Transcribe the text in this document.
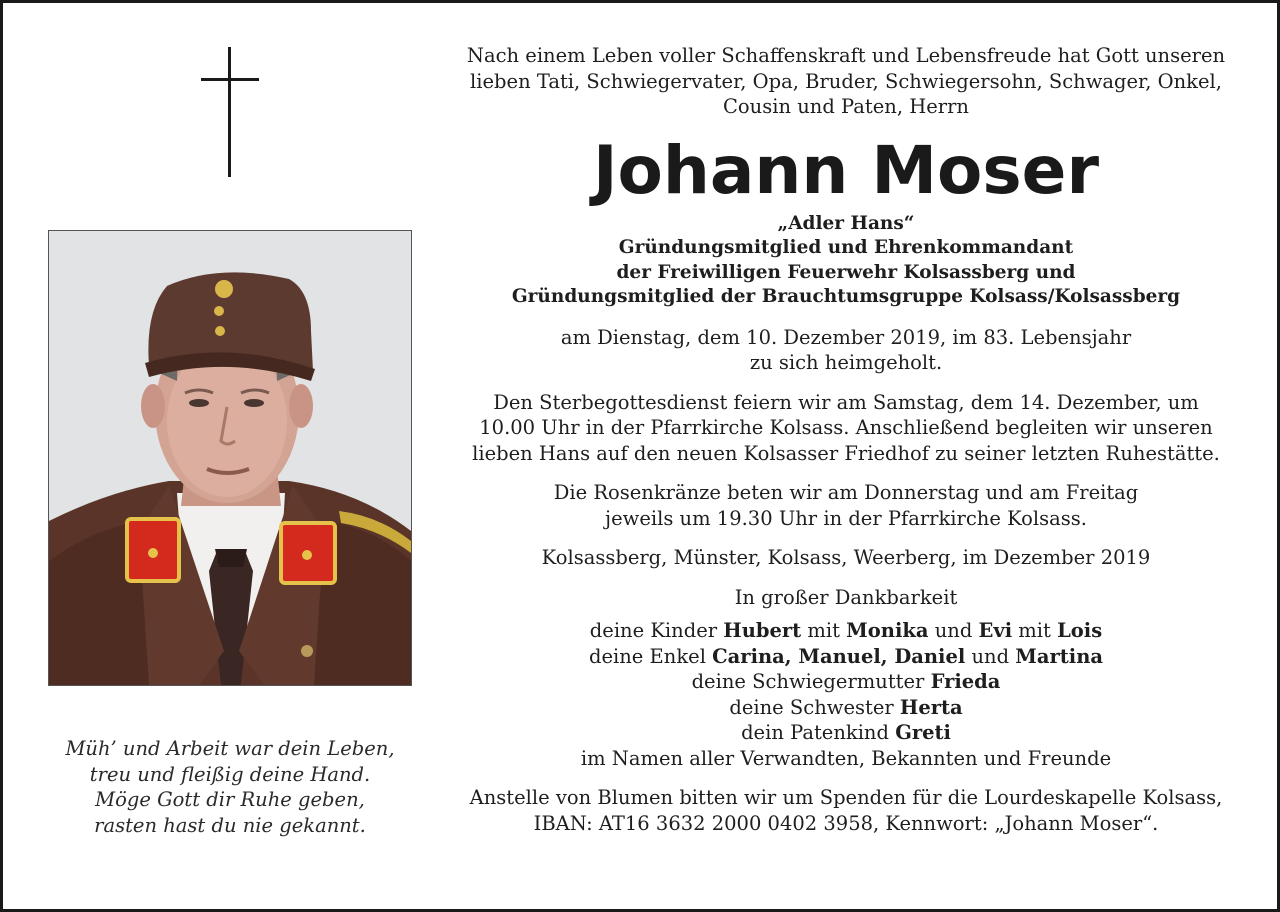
Müh’ und Arbeit war dein Leben,
treu und fleißig deine Hand.
Möge Gott dir Ruhe geben,
rasten hast du nie gekannt.
Nach einem Leben voller Schaffenskraft und Lebensfreude hat Gott unseren
lieben Tati, Schwiegervater, Opa, Bruder, Schwiegersohn, Schwager, Onkel,
Cousin und Paten, Herrn
Johann Moser
„Adler Hans“
Gründungsmitglied und Ehrenkommandant
der Freiwilligen Feuerwehr Kolsassberg und
Gründungsmitglied der Brauchtumsgruppe Kolsass/Kolsassberg
am Dienstag, dem 10. Dezember 2019, im 83. Lebensjahr
zu sich heimgeholt.
Den Sterbegottesdienst feiern wir am Samstag, dem 14. Dezember, um
10.00 Uhr in der Pfarrkirche Kolsass. Anschließend begleiten wir unseren
lieben Hans auf den neuen Kolsasser Friedhof zu seiner letzten Ruhestätte.
Die Rosenkränze beten wir am Donnerstag und am Freitag
jeweils um 19.30 Uhr in der Pfarrkirche Kolsass.
Kolsassberg, Münster, Kolsass, Weerberg, im Dezember 2019
In großer Dankbarkeit
deine Kinder Hubert mit Monika und Evi mit Lois
deine Enkel Carina, Manuel, Daniel und Martina
deine Schwiegermutter Frieda
deine Schwester Herta
dein Patenkind Greti
im Namen aller Verwandten, Bekannten und Freunde
Anstelle von Blumen bitten wir um Spenden für die Lourdeskapelle Kolsass,
IBAN: AT16 3632 2000 0402 3958, Kennwort: „Johann Moser“.
